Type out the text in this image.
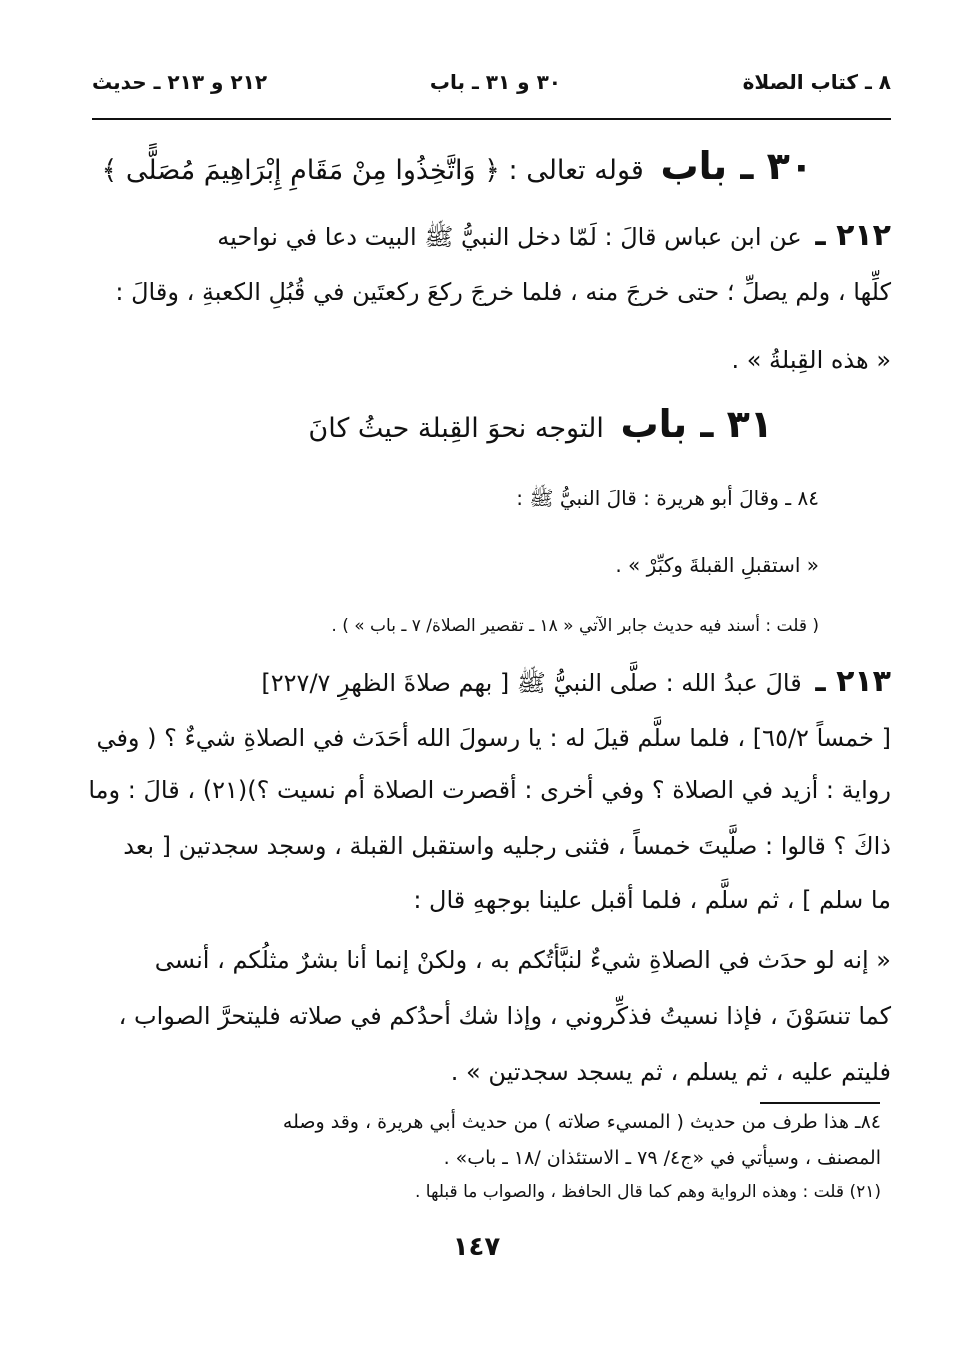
٨ ـ كتاب الصلاة
٣٠ و ٣١ ـ باب
٢١٢ و ٢١٣ ـ حديث
٣٠ ـ باب قوله تعالى : ﴿ وَاتَّخِذُوا مِنْ مَقَامِ إِبْرَاهِيمَ مُصَلًّى ﴾
٢١٢ ـ عن ابن عباس قالَ : لَمّا دخل النبيُّ ﷺ البيت دعا في نواحيه
كلِّها ، ولم يصلِّ ؛ حتى خرجَ منه ، فلما خرجَ ركعَ ركعتَين في قُبُلِ الكعبةِ ، وقالَ :
« هذه القِبلةُ » .
٣١ ـ باب التوجه نحوَ القِبلة حيثُ كانَ
٨٤ ـ وقالَ أبو هريرة : قالَ النبيُّ ﷺ :
« استقبلِ القبلةَ وكبِّرْ » .
( قلت : أسند فيه حديث جابر الآتي « ١٨ ـ تقصير الصلاة/ ٧ ـ باب » ) .
٢١٣ ـ قالَ عبدُ الله : صلَّى النبيُّ ﷺ [ بهم صلاةَ الظهرِ ٢٢٧/٧]
[ خمساً ٦٥/٢] ، فلما سلَّم قيلَ له : يا رسولَ الله أحَدَث في الصلاةِ شيءٌ ؟ ( وفي
رواية : أزيد في الصلاة ؟ وفي أخرى : أقصرت الصلاة أم نسيت ؟)(٢١) ، قالَ : وما
ذاكَ ؟ قالوا : صلَّيتَ خمساً ، فثنى رجليه واستقبل القبلة ، وسجد سجدتين [ بعد
ما سلم ] ، ثم سلَّم ، فلما أقبل علينا بوجههِ قال :
« إنه لو حدَث في الصلاةِ شيءٌ لنبَّأتُكم به ، ولكنْ إنما أنا بشرٌ مثلُكم ، أنسى
كما تنسَوْنَ ، فإذا نسيتُ فذكِّروني ، وإذا شك أحدُكم في صلاته فليتحرَّ الصواب ،
فليتم عليه ، ثم يسلم ، ثم يسجد سجدتين » .
٨٤ـ هذا طرف من حديث ( المسيء صلاته ) من حديث أبي هريرة ، وقد وصله
المصنف ، وسيأتي في «ج٤/ ٧٩ ـ الاستئذان /١٨ ـ باب» .
(٢١) قلت : وهذه الرواية وهم كما قال الحافظ ، والصواب ما قبلها .
١٤٧
